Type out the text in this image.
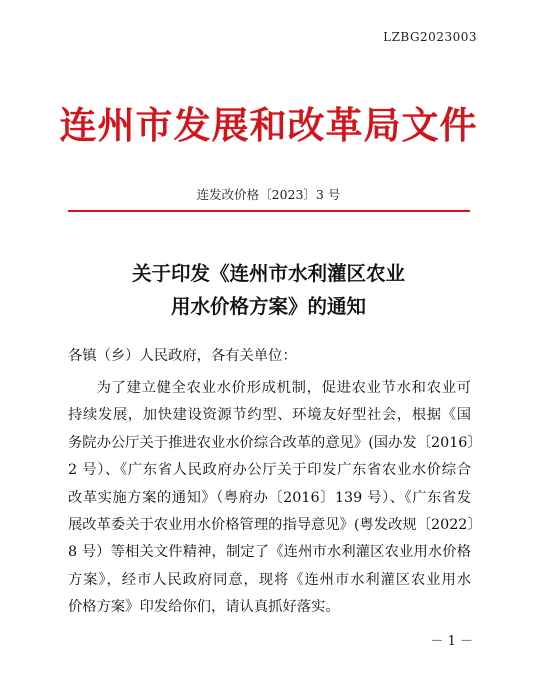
LZBG2023003
连州市发展和改革局文件
连发改价格〔2023〕3 号
关于印发《连州市水利灌区农业
用水价格方案》的通知
各镇（乡）人民政府，各有关单位：
为了建立健全农业水价形成机制，促进农业节水和农业可
持续发展，加快建设资源节约型、环境友好型社会，根据《国
务院办公厅关于推进农业水价综合改革的意见》(国办发〔2016〕
2 号）、《广东省人民政府办公厅关于印发广东省农业水价综合
改革实施方案的通知》（粤府办〔2016〕139 号）、《广东省发
展改革委关于农业用水价格管理的指导意见》(粤发改规〔2022〕
8 号）等相关文件精神，制定了《连州市水利灌区农业用水价格
方案》，经市人民政府同意，现将《连州市水利灌区农业用水
价格方案》印发给你们，请认真抓好落实。
－ 1 －
